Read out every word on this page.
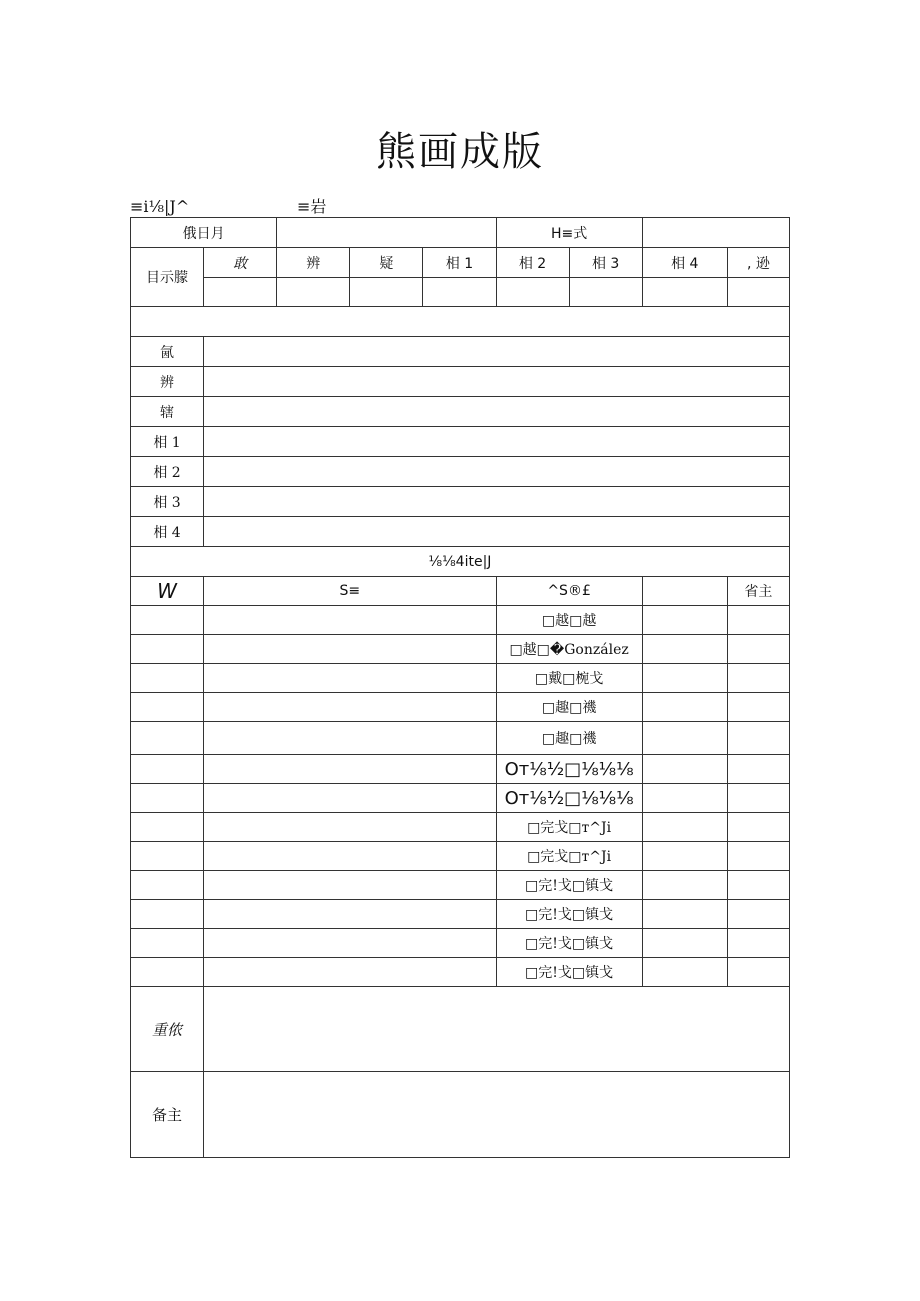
熊画成版
≡i⅛|J^	≡岩
俄日月					H≡式			
目示朦	敢	辨	疑	相 1	相 2	相 3	相 4	, 逊

氤								
辨								
辖								
相 1								
相 2								
相 3								
相 4								
⅛⅛4ite|J								
W	S≡				^S®£			省主
					□越□越			
					□越□�González			
					□戴□椀戈			
					□趣□禨			
					□趣□禨			
					Oт⅛½□⅛⅛⅛			
					Oт⅛½□⅛⅛⅛			
					□完戈□т^Ji			
					□完戈□т^Ji			
					□完!戈□镇戈			
					□完!戈□镇戈			
					□完!戈□镇戈			
					□完!戈□镇戈			
重侬								
备主								
